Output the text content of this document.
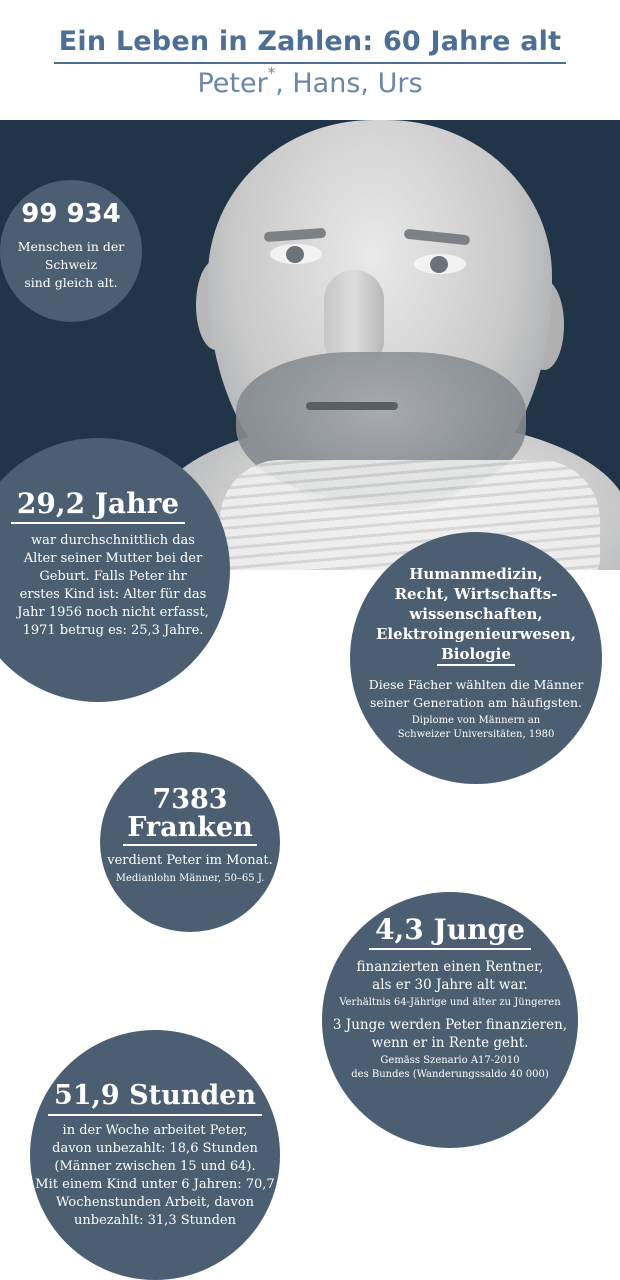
Ein Leben in Zahlen: 60 Jahre alt
Peter*, Hans, Urs
99 934
Menschen in der
Schweiz
sind gleich alt.
29,2 Jahre
war durchschnittlich das
Alter seiner Mutter bei der
Geburt. Falls Peter ihr
erstes Kind ist: Alter für das
Jahr 1956 noch nicht erfasst,
1971 betrug es: 25,3 Jahre.
Humanmedizin,
Recht, Wirtschafts-
wissenschaften,
Elektroingenieurwesen,
Biologie
Diese Fächer wählten die Männer
seiner Generation am häufigsten.
Diplome von Männern an
Schweizer Universitäten, 1980
7383
Franken
verdient Peter im Monat.
Medianlohn Männer, 50–65 J.
4,3 Junge
finanzierten einen Rentner,
als er 30 Jahre alt war.
Verhältnis 64-Jährige und älter zu Jüngeren
3 Junge werden Peter finanzieren,
wenn er in Rente geht.
Gemäss Szenario A17-2010
des Bundes (Wanderungssaldo 40 000)
51,9 Stunden
in der Woche arbeitet Peter,
davon unbezahlt: 18,6 Stunden
(Männer zwischen 15 und 64).
Mit einem Kind unter 6 Jahren: 70,7
Wochenstunden Arbeit, davon
unbezahlt: 31,3 Stunden
